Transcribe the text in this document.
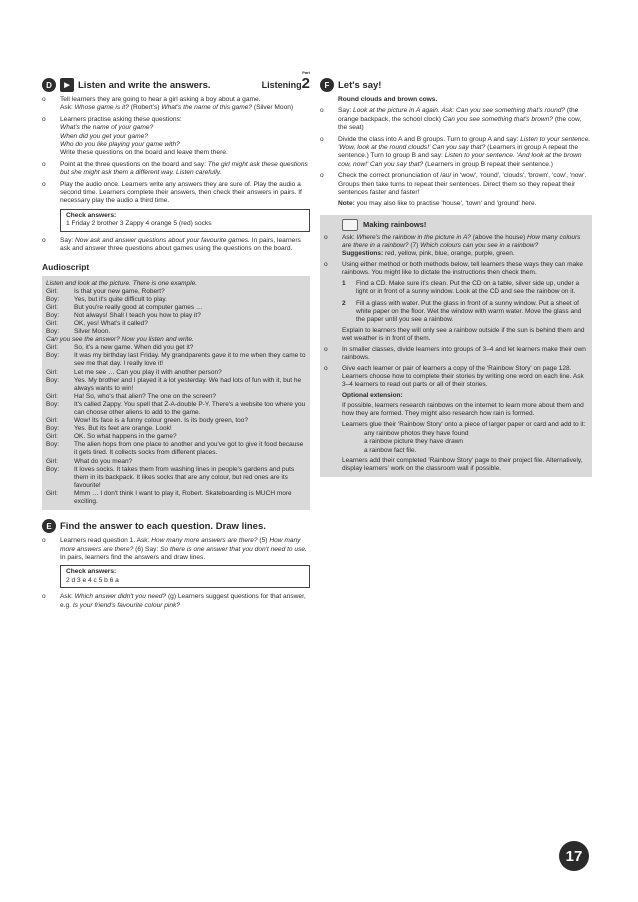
D	▶ Listen and write the answers.
Part
Listening2
o Tell learners they are going to hear a girl asking a boy about a game.
Ask: Whose game is it? (Robert's) What's the name of this game? (Silver Moon)
o Learners practise asking these questions:
What's the name of your game?
When did you get your game?
Who do you like playing your game with?
Write these questions on the board and leave them there.
o Point at the three questions on the board and say: The girl might ask these questions but she might ask them a different way. Listen carefully.
o Play the audio once. Learners write any answers they are sure of. Play the audio a second time. Learners complete their answers, then check their answers in pairs. If necessary play the audio a third time.
Check answers:
1 Friday 2 brother 3 Zappy 4 orange 5 (red) socks
o Say: Now ask and answer questions about your favourite games. In pairs, learners ask and answer three questions about games using the questions on the board.
Audioscript
Listen and look at the picture. There is one example.
Girl:	Is that your new game, Robert?
Boy:	Yes, but it's quite difficult to play.
Girl:	But you're really good at computer games …
Boy:	Not always! Shall I teach you how to play it?
Girl:	OK, yes! What's it called?
Boy:	Silver Moon.
Can you see the answer? Now you listen and write.
Girl:	So, it's a new game. When did you get it?
Boy:	It was my birthday last Friday. My grandparents gave it to me when they came to see me that day. I really love it!
Girl:	Let me see … Can you play it with another person?
Boy:	Yes. My brother and I played it a lot yesterday. We had lots of fun with it, but he always wants to win!
Girl:	Ha! So, who's that alien? The one on the screen?
Boy:	It's called Zappy. You spell that Z-A-double P-Y. There's a website too where you can choose other aliens to add to the game.
Girl:	Wow! Its face is a funny colour green. Is its body green, too?
Boy:	Yes. But its feet are orange. Look!
Girl:	OK. So what happens in the game?
Boy:	The alien hops from one place to another and you've got to give it food because it gets tired. It collects socks from different places.
Girl:	What do you mean?
Boy:	It loves socks. It takes them from washing lines in people's gardens and puts them in its backpack. It likes socks that are any colour, but red ones are its favourite!
Girl:	Mmm … I don't think I want to play it, Robert. Skateboarding is MUCH more exciting.
E Find the answer to each question. Draw lines.
o Learners read question 1. Ask: How many more answers are there? (5) How many more answers are there? (6) Say: So there is one answer that you don't need to use. In pairs, learners find the answers and draw lines.
Check answers:
2 d 3 e 4 c 5 b 6 a
o Ask: Which answer didn't you need? (g) Learners suggest questions for that answer, e.g. Is your friend's favourite colour pink?
F Let's say!
Round clouds and brown cows.
o Say: Look at the picture in A again. Ask: Can you see something that's round? (the orange backpack, the school clock) Can you see something that's brown? (the cow, the seat)
o Divide the class into A and B groups. Turn to group A and say: Listen to your sentence. 'Wow, look at the round clouds!' Can you say that? (Learners in group A repeat the sentence.) Turn to group B and say: Listen to your sentence. 'And look at the brown cow, now!' Can you say that? (Learners in group B repeat their sentence.)
o Check the correct pronunciation of /aʊ/ in 'wow', 'round', 'clouds', 'brown', 'cow', 'now'. Groups then take turns to repeat their sentences. Direct them so they repeat their sentences faster and faster!
Note: you may also like to practise 'house', 'town' and 'ground' here.
Making rainbows!
o Ask: Where's the rainbow in the picture in A? (above the house) How many colours are there in a rainbow? (7) Which colours can you see in a rainbow?
Suggestions: red, yellow, pink, blue, orange, purple, green.
o Using either method or both methods below, tell learners these ways they can make rainbows. You might like to dictate the instructions then check them.
1	Find a CD. Make sure it's clean. Put the CD on a table, silver side up, under a light or in front of a sunny window. Look at the CD and see the rainbow on it.
2	Fill a glass with water. Put the glass in front of a sunny window. Put a sheet of white paper on the floor. Wet the window with warm water. Move the glass and the paper until you see a rainbow.
Explain to learners they will only see a rainbow outside if the sun is behind them and wet weather is in front of them.
o In smaller classes, divide learners into groups of 3–4 and let learners make their own rainbows.
o Give each learner or pair of learners a copy of the 'Rainbow Story' on page 128. Learners choose how to complete their stories by writing one word on each line. Ask 3–4 learners to read out parts or all of their stories.
Optional extension:
If possible, learners research rainbows on the internet to learn more about them and how they are formed. They might also research how rain is formed.
Learners glue their 'Rainbow Story' onto a piece of larger paper or card and add to it:
any rainbow photos they have found
a rainbow picture they have drawn
a rainbow fact file.
Learners add their completed 'Rainbow Story' page to their project file. Alternatively, display learners' work on the classroom wall if possible.
17
